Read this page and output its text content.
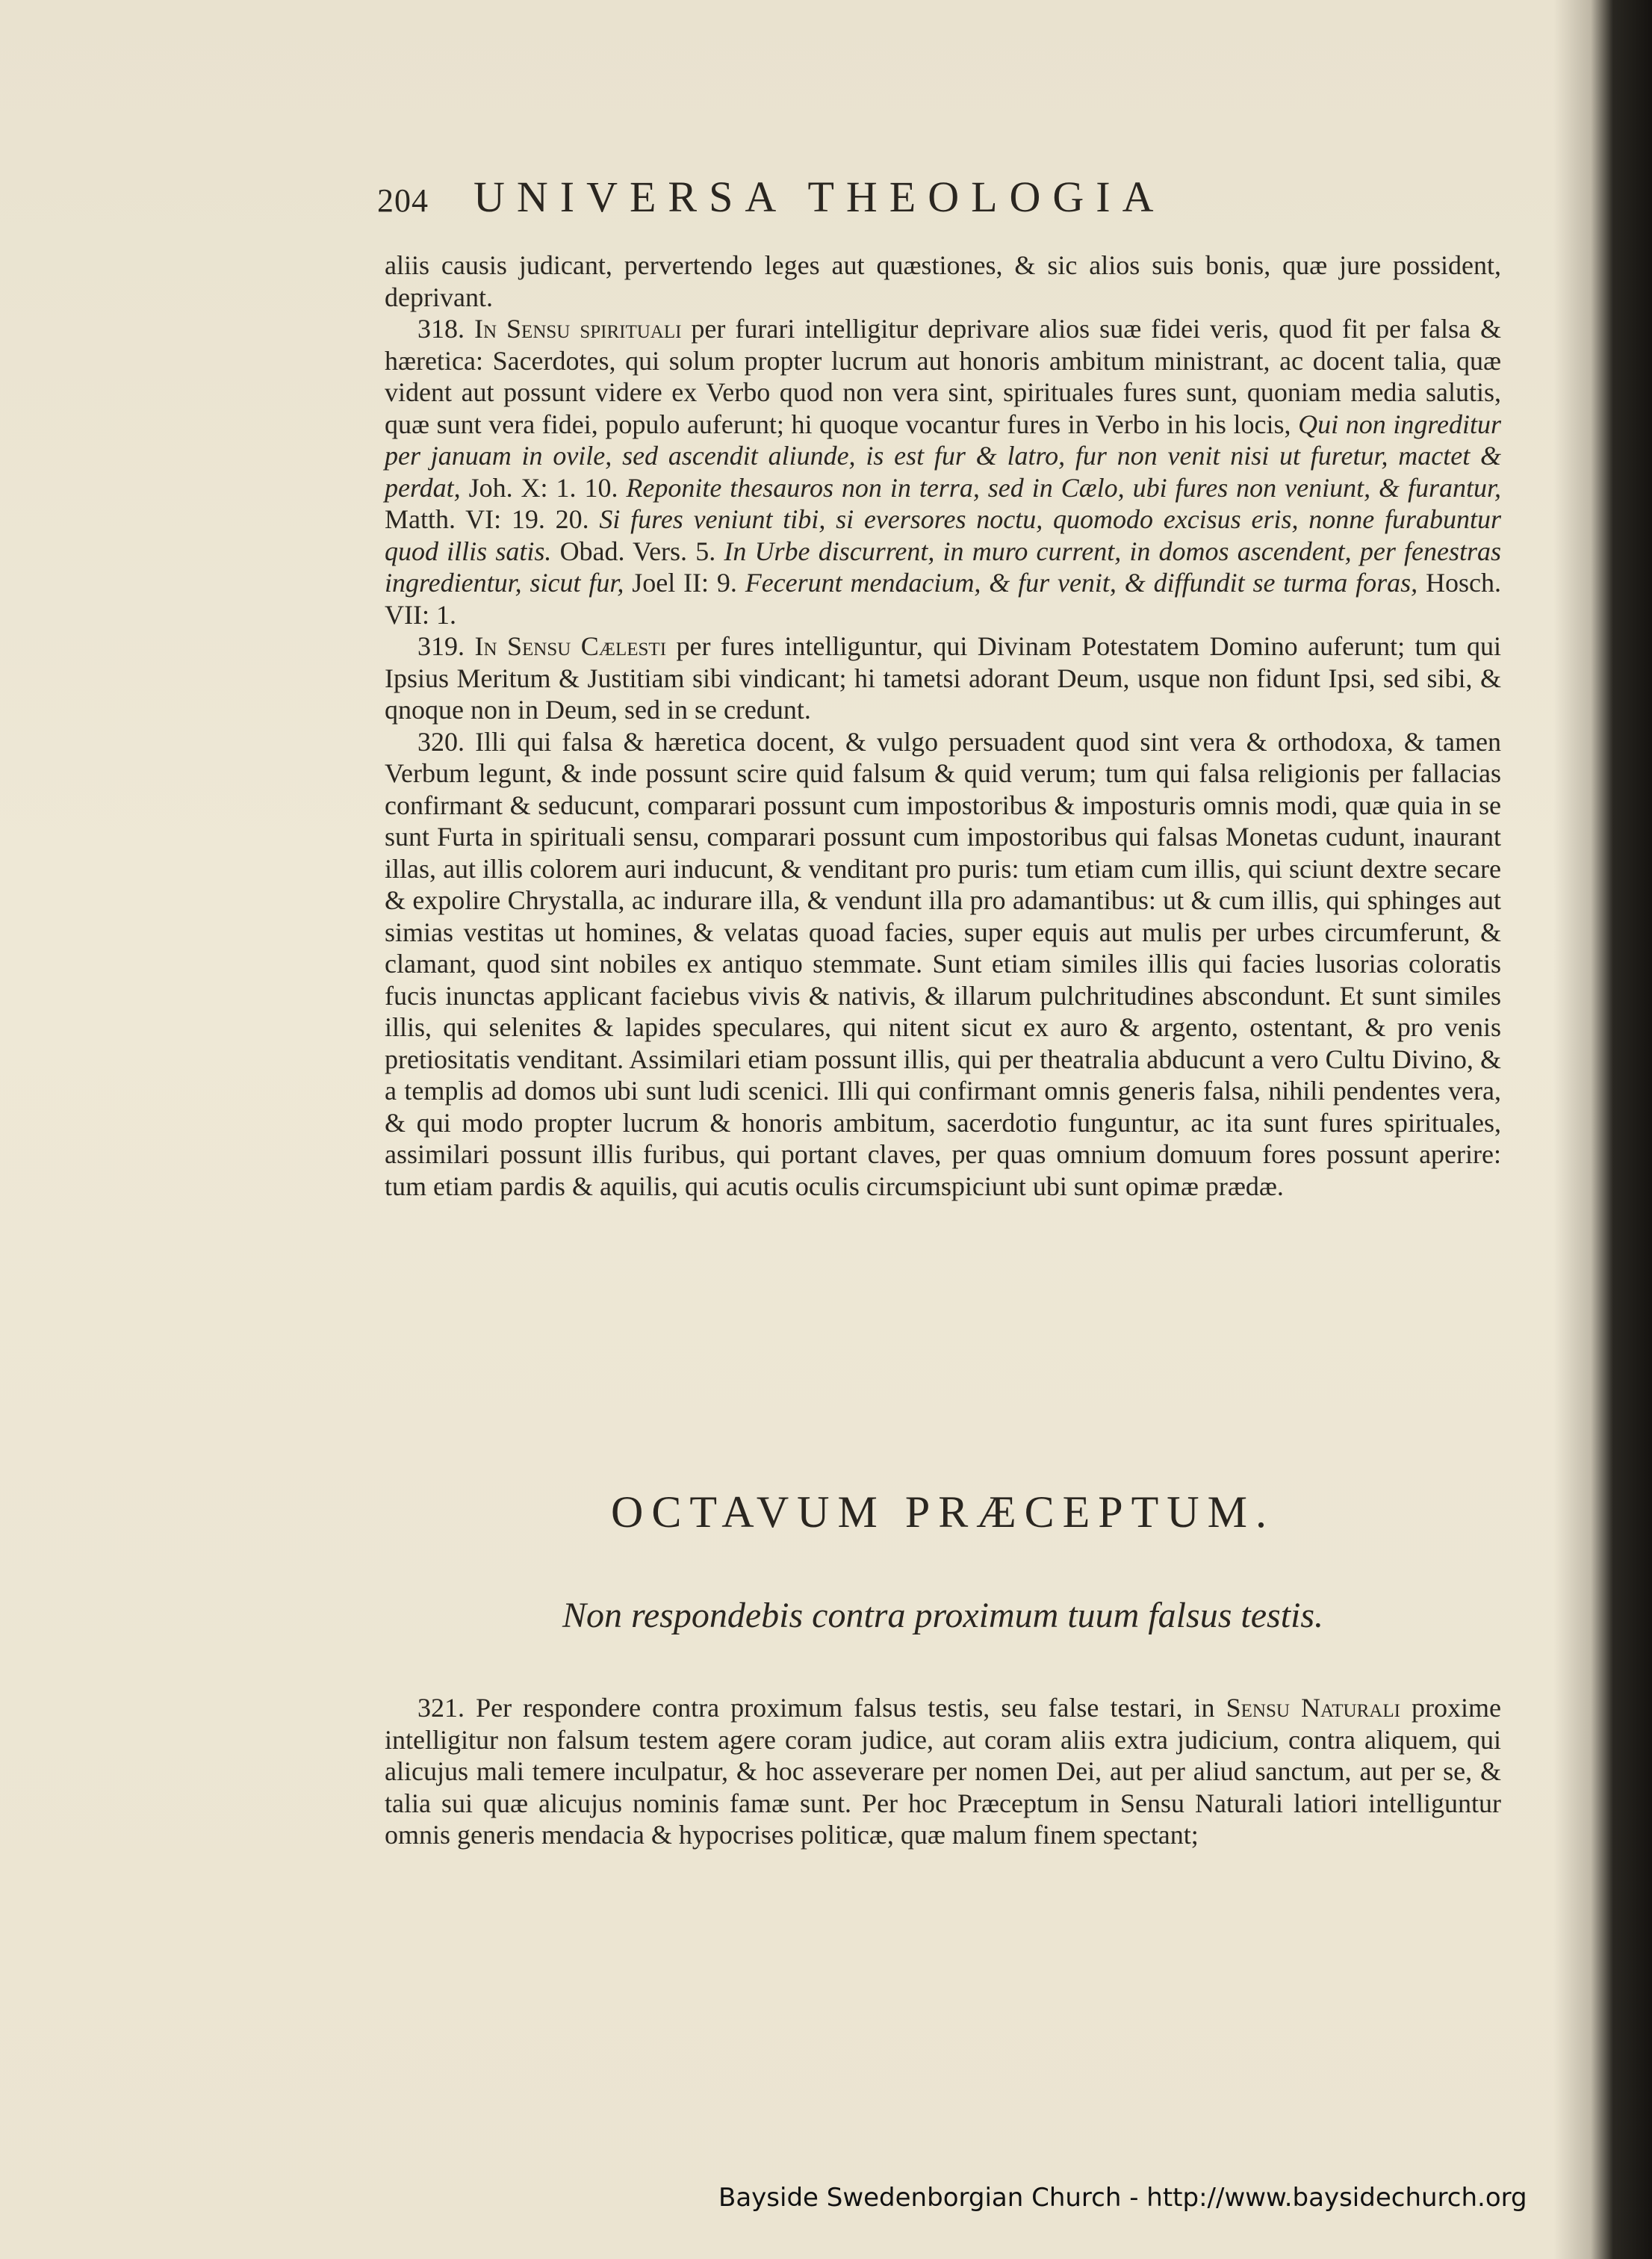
204 UNIVERSA THEOLOGIA

aliis causis judicant, pervertendo leges aut quæstiones, & sic alios suis bonis, quæ jure possident, deprivant.

318. In Sensu spirituali per furari intelligitur deprivare alios suæ fidei veris, quod fit per falsa & hæretica: Sacerdotes, qui solum propter lucrum aut honoris ambitum ministrant, ac docent talia, quæ vident aut possunt videre ex Verbo quod non vera sint, spirituales fures sunt, quoniam media salutis, quæ sunt vera fidei, populo auferunt; hi quoque vocantur fures in Verbo in his locis, Qui non ingreditur per januam in ovile, sed ascendit aliunde, is est fur & latro, fur non venit nisi ut furetur, mactet & perdat, Joh. X: 1. 10. Reponite thesauros non in terra, sed in Cælo, ubi fures non veniunt, & furantur, Matth. VI: 19. 20. Si fures veniunt tibi, si eversores noctu, quomodo excisus eris, nonne furabuntur quod illis satis. Obad. Vers. 5. In Urbe discurrent, in muro current, in domos ascendent, per fenestras ingredientur, sicut fur, Joel II: 9. Fecerunt mendacium, & fur venit, & diffundit se turma foras, Hosch. VII: 1.

319. In Sensu Cælesti per fures intelliguntur, qui Divinam Potestatem Domino auferunt; tum qui Ipsius Meritum & Justitiam sibi vindicant; hi tametsi adorant Deum, usque non fidunt Ipsi, sed sibi, & qnoque non in Deum, sed in se credunt.

320. Illi qui falsa & hæretica docent, & vulgo persuadent quod sint vera & orthodoxa, & tamen Verbum legunt, & inde possunt scire quid falsum & quid verum; tum qui falsa religionis per fallacias confirmant & seducunt, comparari possunt cum impostoribus & imposturis omnis modi, quæ quia in se sunt Furta in spirituali sensu, comparari possunt cum impostoribus qui falsas Monetas cudunt, inaurant illas, aut illis colorem auri inducunt, & venditant pro puris: tum etiam cum illis, qui sciunt dextre secare & expolire Chrystalla, ac indurare illa, & vendunt illa pro adamantibus: ut & cum illis, qui sphinges aut simias vestitas ut homines, & velatas quoad facies, super equis aut mulis per urbes circumferunt, & clamant, quod sint nobiles ex antiquo stemmate. Sunt etiam similes illis qui facies lusorias coloratis fucis inunctas applicant faciebus vivis & nativis, & illarum pulchritudines abscondunt. Et sunt similes illis, qui selenites & lapides speculares, qui nitent sicut ex auro & argento, ostentant, & pro venis pretiositatis venditant. Assimilari etiam possunt illis, qui per theatralia abducunt a vero Cultu Divino, & a templis ad domos ubi sunt ludi scenici. Illi qui confirmant omnis generis falsa, nihili pendentes vera, & qui modo propter lucrum & honoris ambitum, sacerdotio funguntur, ac ita sunt fures spirituales, assimilari possunt illis furibus, qui portant claves, per quas omnium domuum fores possunt aperire: tum etiam pardis & aquilis, qui acutis oculis circumspiciunt ubi sunt opimæ prædæ.

OCTAVUM PRÆCEPTUM.
Non respondebis contra proximum tuum falsus testis.

321. Per respondere contra proximum falsus testis, seu false testari, in Sensu Naturali proxime intelligitur non falsum testem agere coram judice, aut coram aliis extra judicium, contra aliquem, qui alicujus mali temere inculpatur, & hoc asseverare per nomen Dei, aut per aliud sanctum, aut per se, & talia sui quæ alicujus nominis famæ sunt. Per hoc Præceptum in Sensu Naturali latiori intelliguntur omnis generis mendacia & hypocrises politicæ, quæ malum finem spectant;

Bayside Swedenborgian Church - http://www.baysidechurch.org
